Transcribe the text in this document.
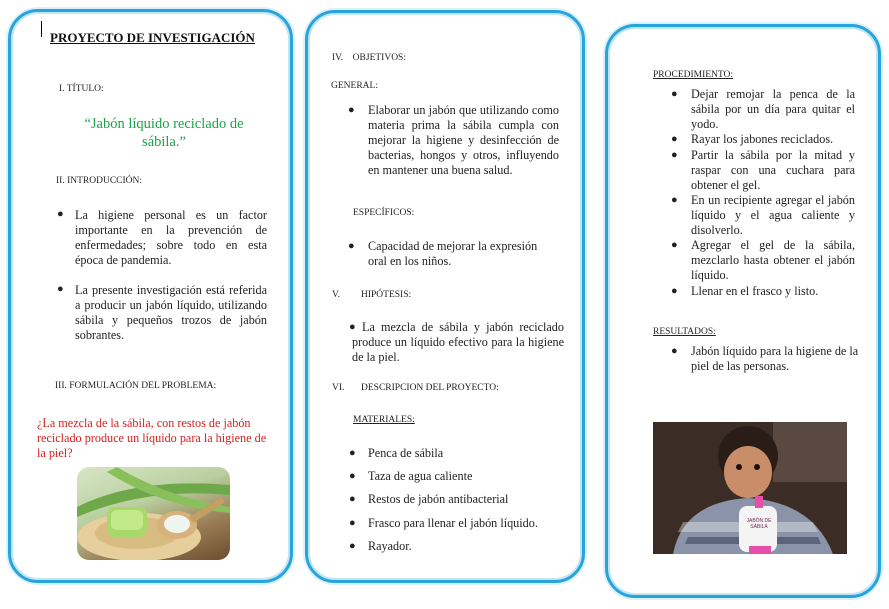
PROYECTO DE INVESTIGACIÓN
I. TÍTULO:
“Jabón líquido reciclado de sábila.”
II. INTRODUCCIÓN:
● La higiene personal es un factor importante en la prevención de enfermedades; sobre todo en esta época de pandemia.
● La presente investigación está referida a producir un jabón líquido, utilizando sábila y pequeños trozos de jabón sobrantes.
III. FORMULACIÓN DEL PROBLEMA:
¿La mezcla de la sábila, con restos de jabón reciclado produce un líquido para la higiene de la piel?
IV.    OBJETIVOS:
GENERAL:
● Elaborar un jabón que utilizando como materia prima la sábila cumpla con mejorar la higiene y desinfección de bacterias, hongos y otros, influyendo en mantener una buena salud.
ESPECÍFICOS:
● Capacidad de mejorar la expresión oral en los niños.
V. HIPÓTESIS:
● La mezcla de sábila y jabón reciclado produce un líquido efectivo para la higiene de la piel.
VI. DESCRIPCION DEL PROYECTO:
MATERIALES:
● Penca de sábila
● Taza de agua caliente
● Restos de jabón antibacterial
● Frasco para llenar el jabón líquido.
● Rayador.
PROCEDIMIENTO:
● Dejar remojar la penca de la sábila por un día para quitar el yodo.
● Rayar los jabones reciclados.
● Partir la sábila por la mitad y raspar con una cuchara para obtener el gel.
● En un recipiente agregar el jabón líquido y el agua caliente y disolverlo.
● Agregar el gel de la sábila, mezclarlo hasta obtener el jabón líquido.
● Llenar en el frasco y listo.
RESULTADOS:
● Jabón líquido para la higiene de la piel de las personas.
JABÓN DE SÁBILA
